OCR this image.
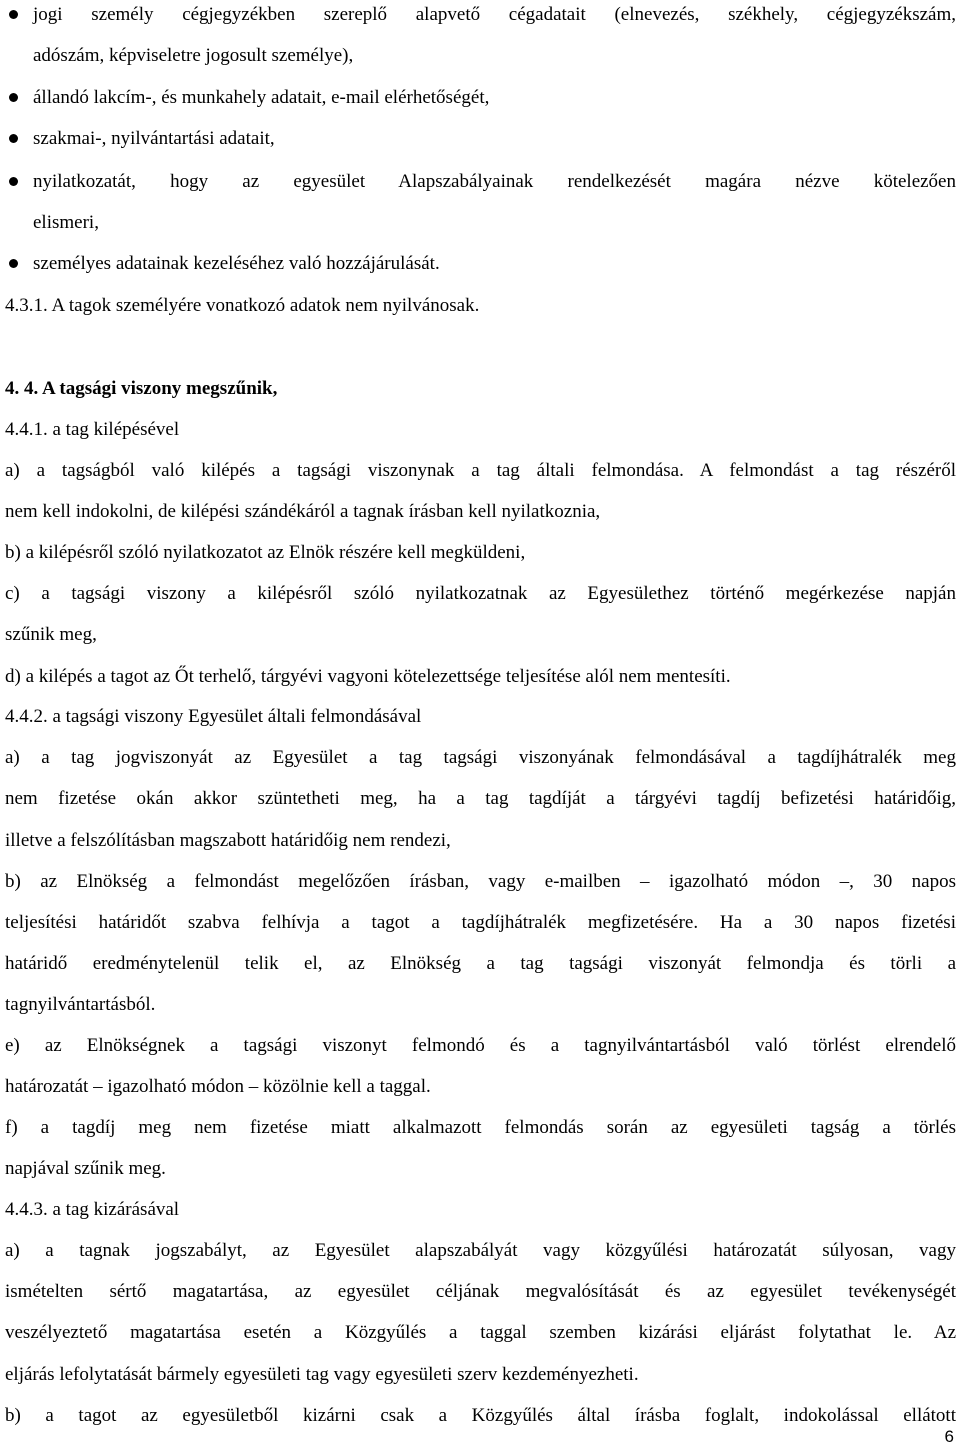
jogi személy cégjegyzékben szereplő alapvető cégadatait (elnevezés, székhely, cégjegyzékszám,
adószám, képviseletre jogosult személye),
állandó lakcím-, és munkahely adatait, e-mail elérhetőségét,
szakmai-, nyilvántartási adatait,
nyilatkozatát, hogy az egyesület Alapszabályainak rendelkezését magára nézve kötelezően
elismeri,
személyes adatainak kezeléséhez való hozzájárulását.
4.3.1. A tagok személyére vonatkozó adatok nem nyilvánosak.
4. 4. A tagsági viszony megszűnik,
4.4.1. a tag kilépésével
a) a tagságból való kilépés a tagsági viszonynak a tag általi felmondása. A felmondást a tag részéről
nem kell indokolni, de kilépési szándékáról a tagnak írásban kell nyilatkoznia,
b) a kilépésről szóló nyilatkozatot az Elnök részére kell megküldeni,
c) a tagsági viszony a kilépésről szóló nyilatkozatnak az Egyesülethez történő megérkezése napján
szűnik meg,
d) a kilépés a tagot az Őt terhelő, tárgyévi vagyoni kötelezettsége teljesítése alól nem mentesíti.
4.4.2. a tagsági viszony Egyesület általi felmondásával
a) a tag jogviszonyát az Egyesület a tag tagsági viszonyának felmondásával a tagdíjhátralék meg
nem fizetése okán akkor szüntetheti meg, ha a tag tagdíját a tárgyévi tagdíj befizetési határidőig,
illetve a felszólításban magszabott határidőig nem rendezi,
b) az Elnökség a felmondást megelőzően írásban, vagy e-mailben – igazolható módon –, 30 napos
teljesítési határidőt szabva felhívja a tagot a tagdíjhátralék megfizetésére. Ha a 30 napos fizetési
határidő eredménytelenül telik el, az Elnökség a tag tagsági viszonyát felmondja és törli a
tagnyilvántartásból.
e) az Elnökségnek a tagsági viszonyt felmondó és a tagnyilvántartásból való törlést elrendelő
határozatát – igazolható módon – közölnie kell a taggal.
f) a tagdíj meg nem fizetése miatt alkalmazott felmondás során az egyesületi tagság a törlés
napjával szűnik meg.
4.4.3. a tag kizárásával
a) a tagnak jogszabályt, az Egyesület alapszabályát vagy közgyűlési határozatát súlyosan, vagy
ismételten sértő magatartása, az egyesület céljának megvalósítását és az egyesület tevékenységét
veszélyeztető magatartása esetén a Közgyűlés a taggal szemben kizárási eljárást folytathat le. Az
eljárás lefolytatását bármely egyesületi tag vagy egyesületi szerv kezdeményezheti.
b) a tagot az egyesületből kizárni csak a Közgyűlés által írásba foglalt, indokolással ellátott
6
